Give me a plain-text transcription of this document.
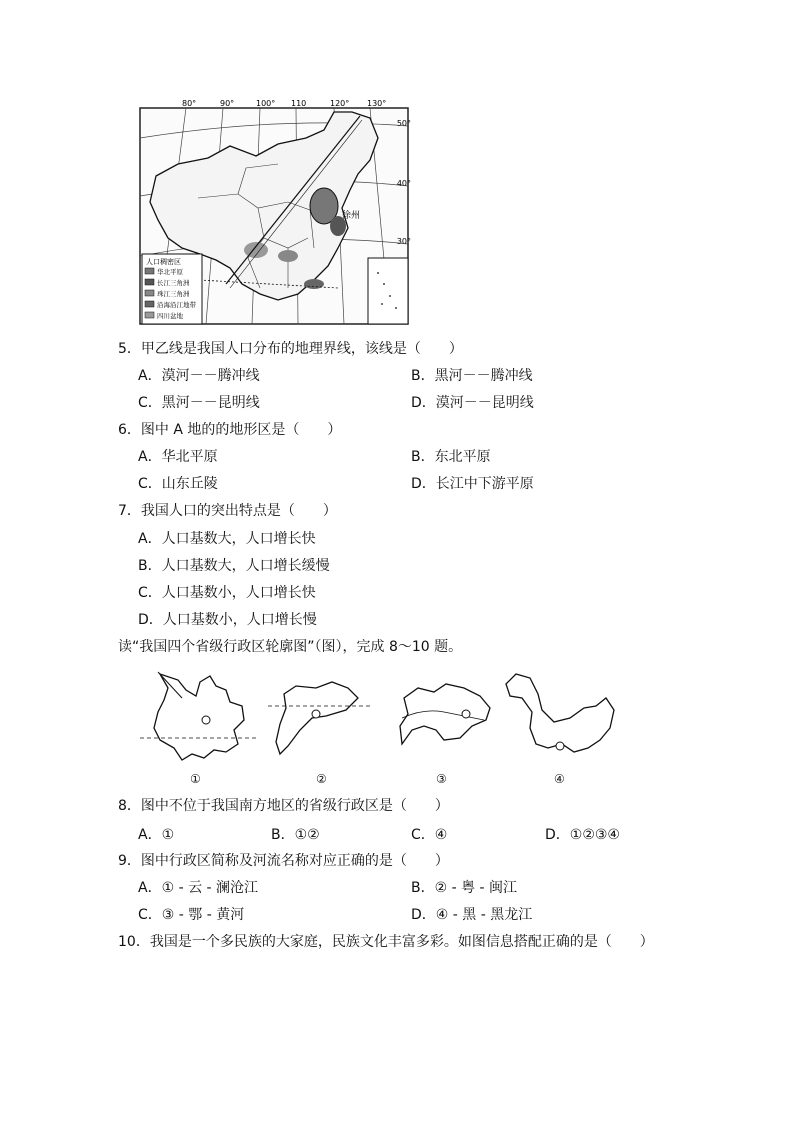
80°	90°	100° 110	120° 130°
50°
40°
30°
徐州
人口稠密区
华北平原
长江三角洲
珠江三角洲
沿海沿江地带
四川盆地
5．甲乙线是我国人口分布的地理界线，该线是（　　）
A．漠河－－腾冲线	B．黑河－－腾冲线
C．黑河－－昆明线	D．漠河－－昆明线
6．图中 A 地的的地形区是（　　）
A．华北平原	B．东北平原
C．山东丘陵	D．长江中下游平原
7．我国人口的突出特点是（　　）
A．人口基数大，人口增长快
B．人口基数大，人口增长缓慢
C．人口基数小，人口增长快
D．人口基数小，人口增长慢
读“我国四个省级行政区轮廓图”（图），完成 8～10 题。
①	②	③	④
8．图中不位于我国南方地区的省级行政区是（　　）
A．①	B．①②	C．④	D．①②③④
9．图中行政区简称及河流名称对应正确的是（　　）
A．① - 云 - 澜沧江	B．② - 粤 - 闽江
C．③ - 鄂 - 黄河	D．④ - 黑 - 黑龙江
10．我国是一个多民族的大家庭，民族文化丰富多彩。如图信息搭配正确的是（　　）
